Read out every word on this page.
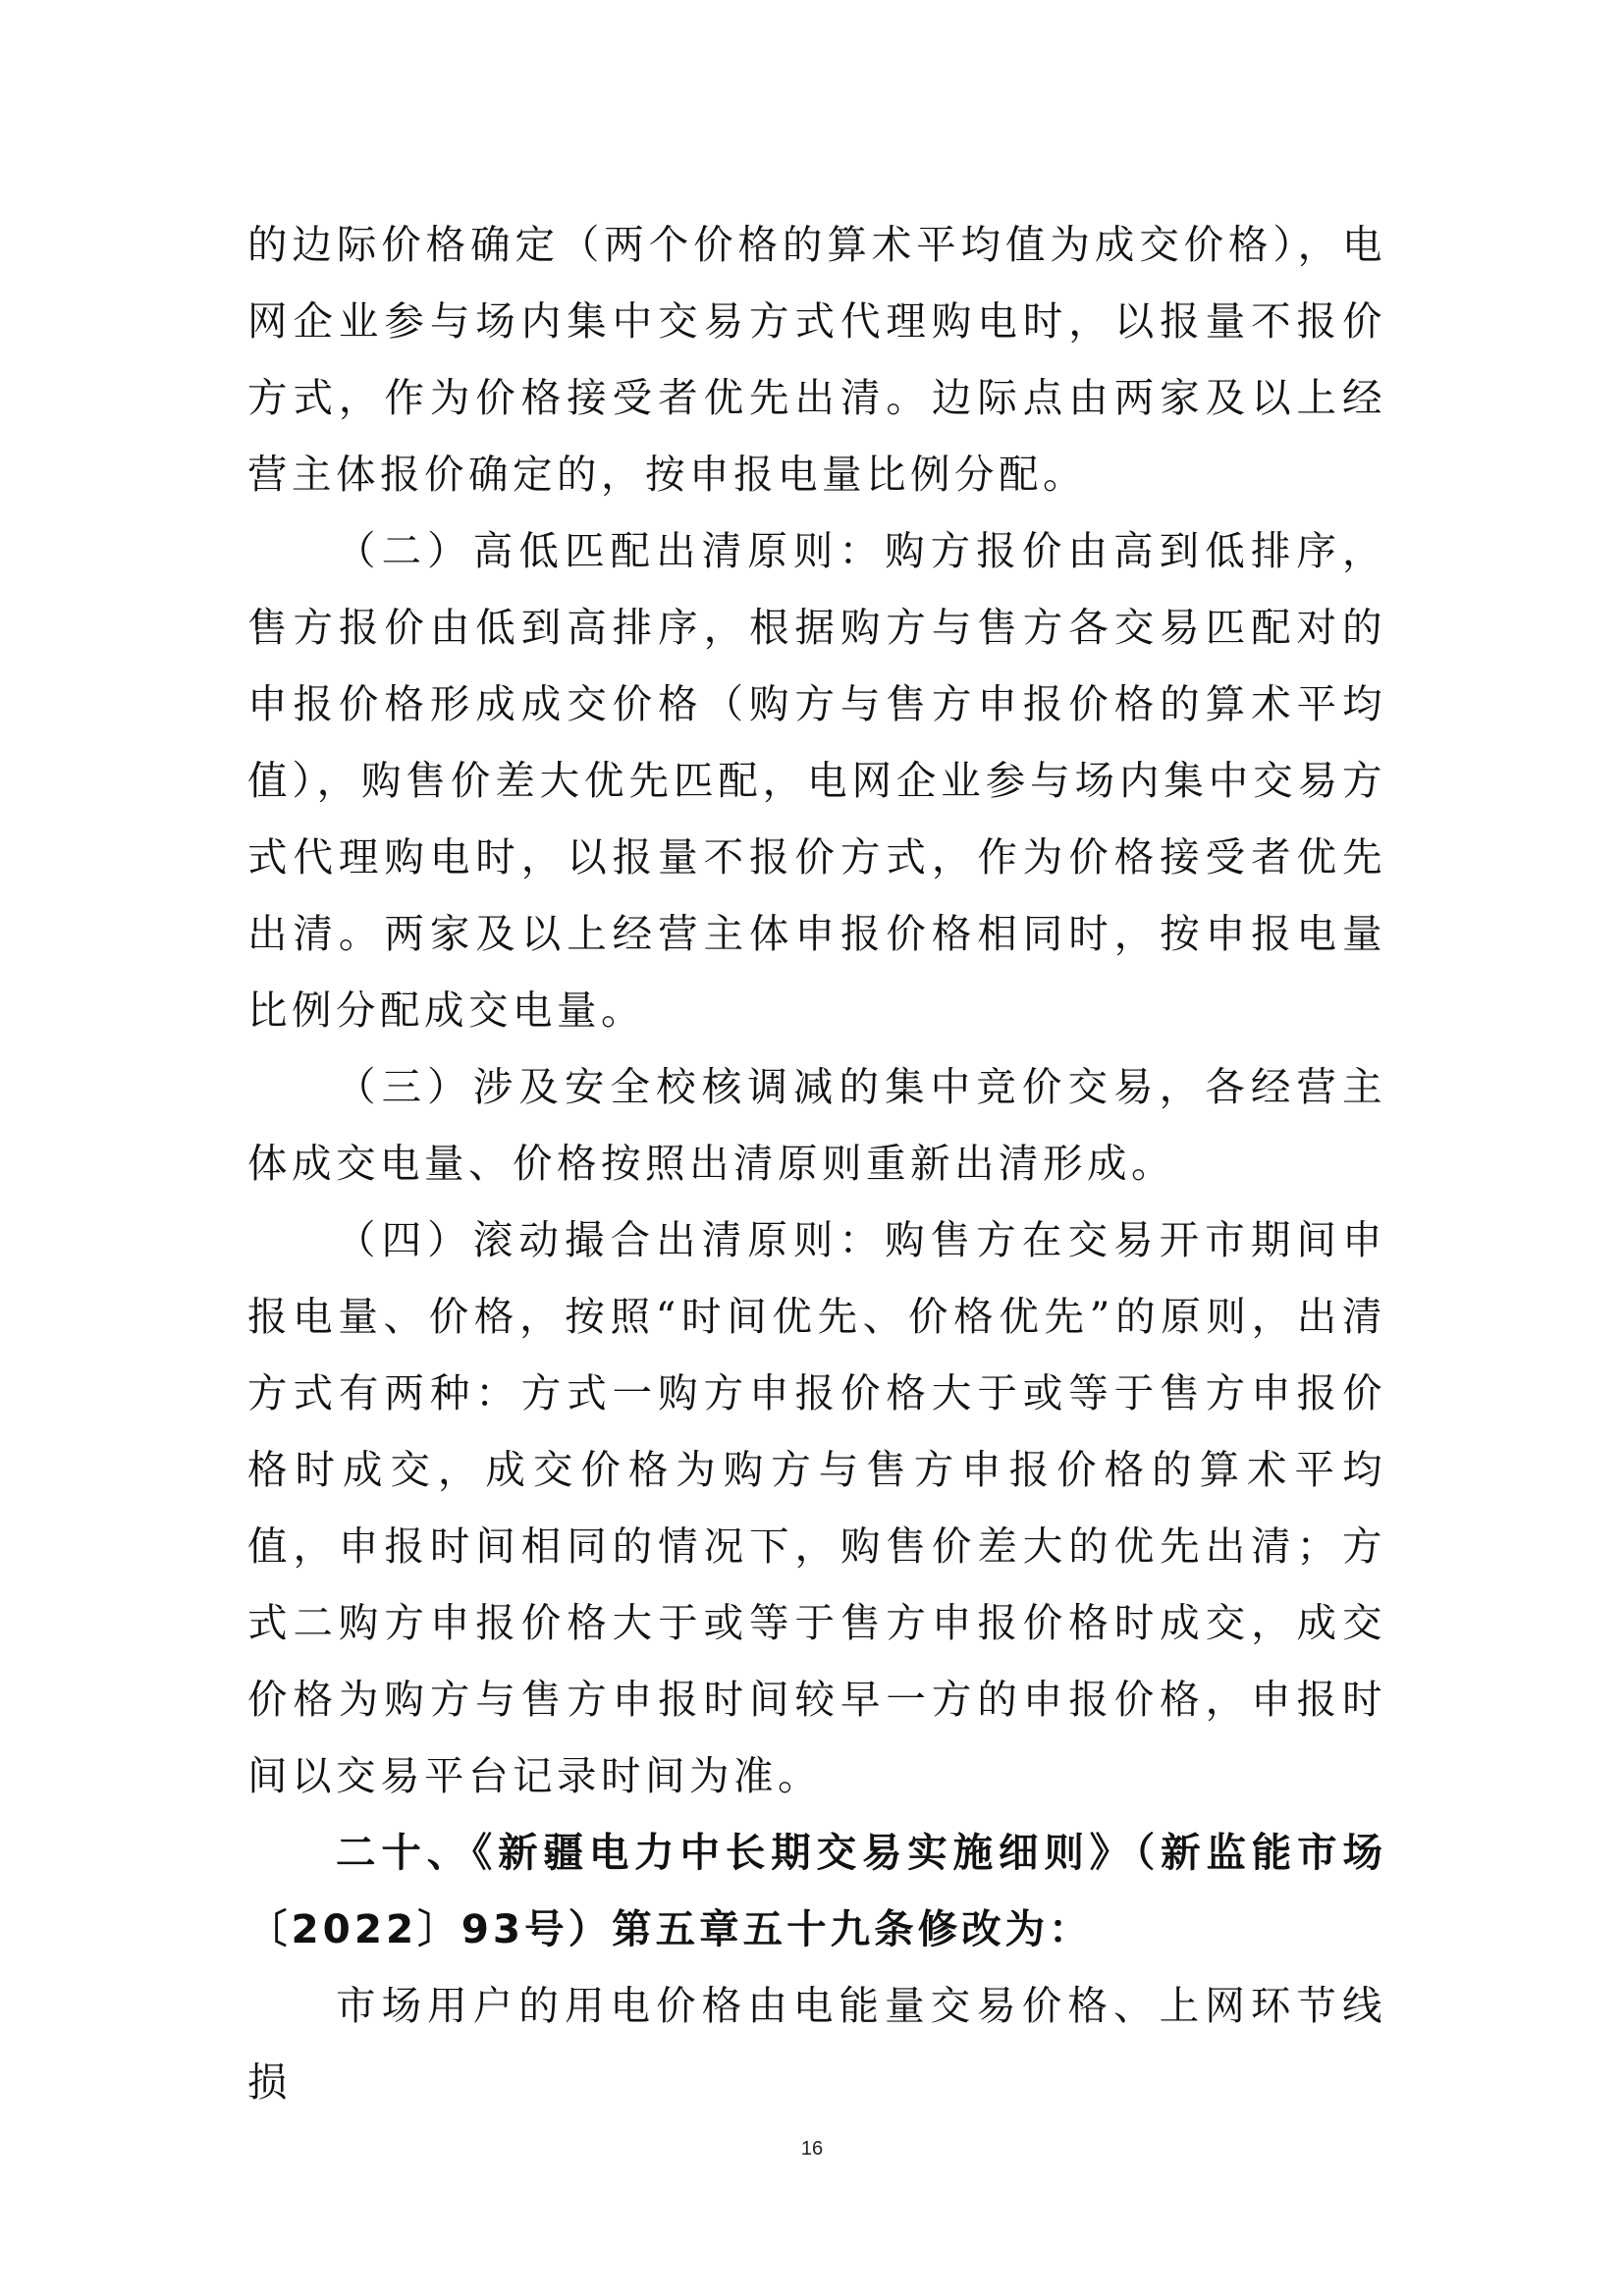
的边际价格确定（两个价格的算术平均值为成交价格），电网企业参与场内集中交易方式代理购电时，以报量不报价方式，作为价格接受者优先出清。边际点由两家及以上经营主体报价确定的，按申报电量比例分配。

（二）高低匹配出清原则：购方报价由高到低排序，售方报价由低到高排序，根据购方与售方各交易匹配对的申报价格形成成交价格（购方与售方申报价格的算术平均值），购售价差大优先匹配，电网企业参与场内集中交易方式代理购电时，以报量不报价方式，作为价格接受者优先出清。两家及以上经营主体申报价格相同时，按申报电量比例分配成交电量。

（三）涉及安全校核调减的集中竞价交易，各经营主体成交电量、价格按照出清原则重新出清形成。

（四）滚动撮合出清原则：购售方在交易开市期间申报电量、价格，按照“时间优先、价格优先”的原则，出清方式有两种：方式一购方申报价格大于或等于售方申报价格时成交，成交价格为购方与售方申报价格的算术平均值，申报时间相同的情况下，购售价差大的优先出清；方式二购方申报价格大于或等于售方申报价格时成交，成交价格为购方与售方申报时间较早一方的申报价格，申报时间以交易平台记录时间为准。

二十、《新疆电力中长期交易实施细则》（新监能市场〔2022〕93号）第五章五十九条修改为：

市场用户的用电价格由电能量交易价格、上网环节线损

16
